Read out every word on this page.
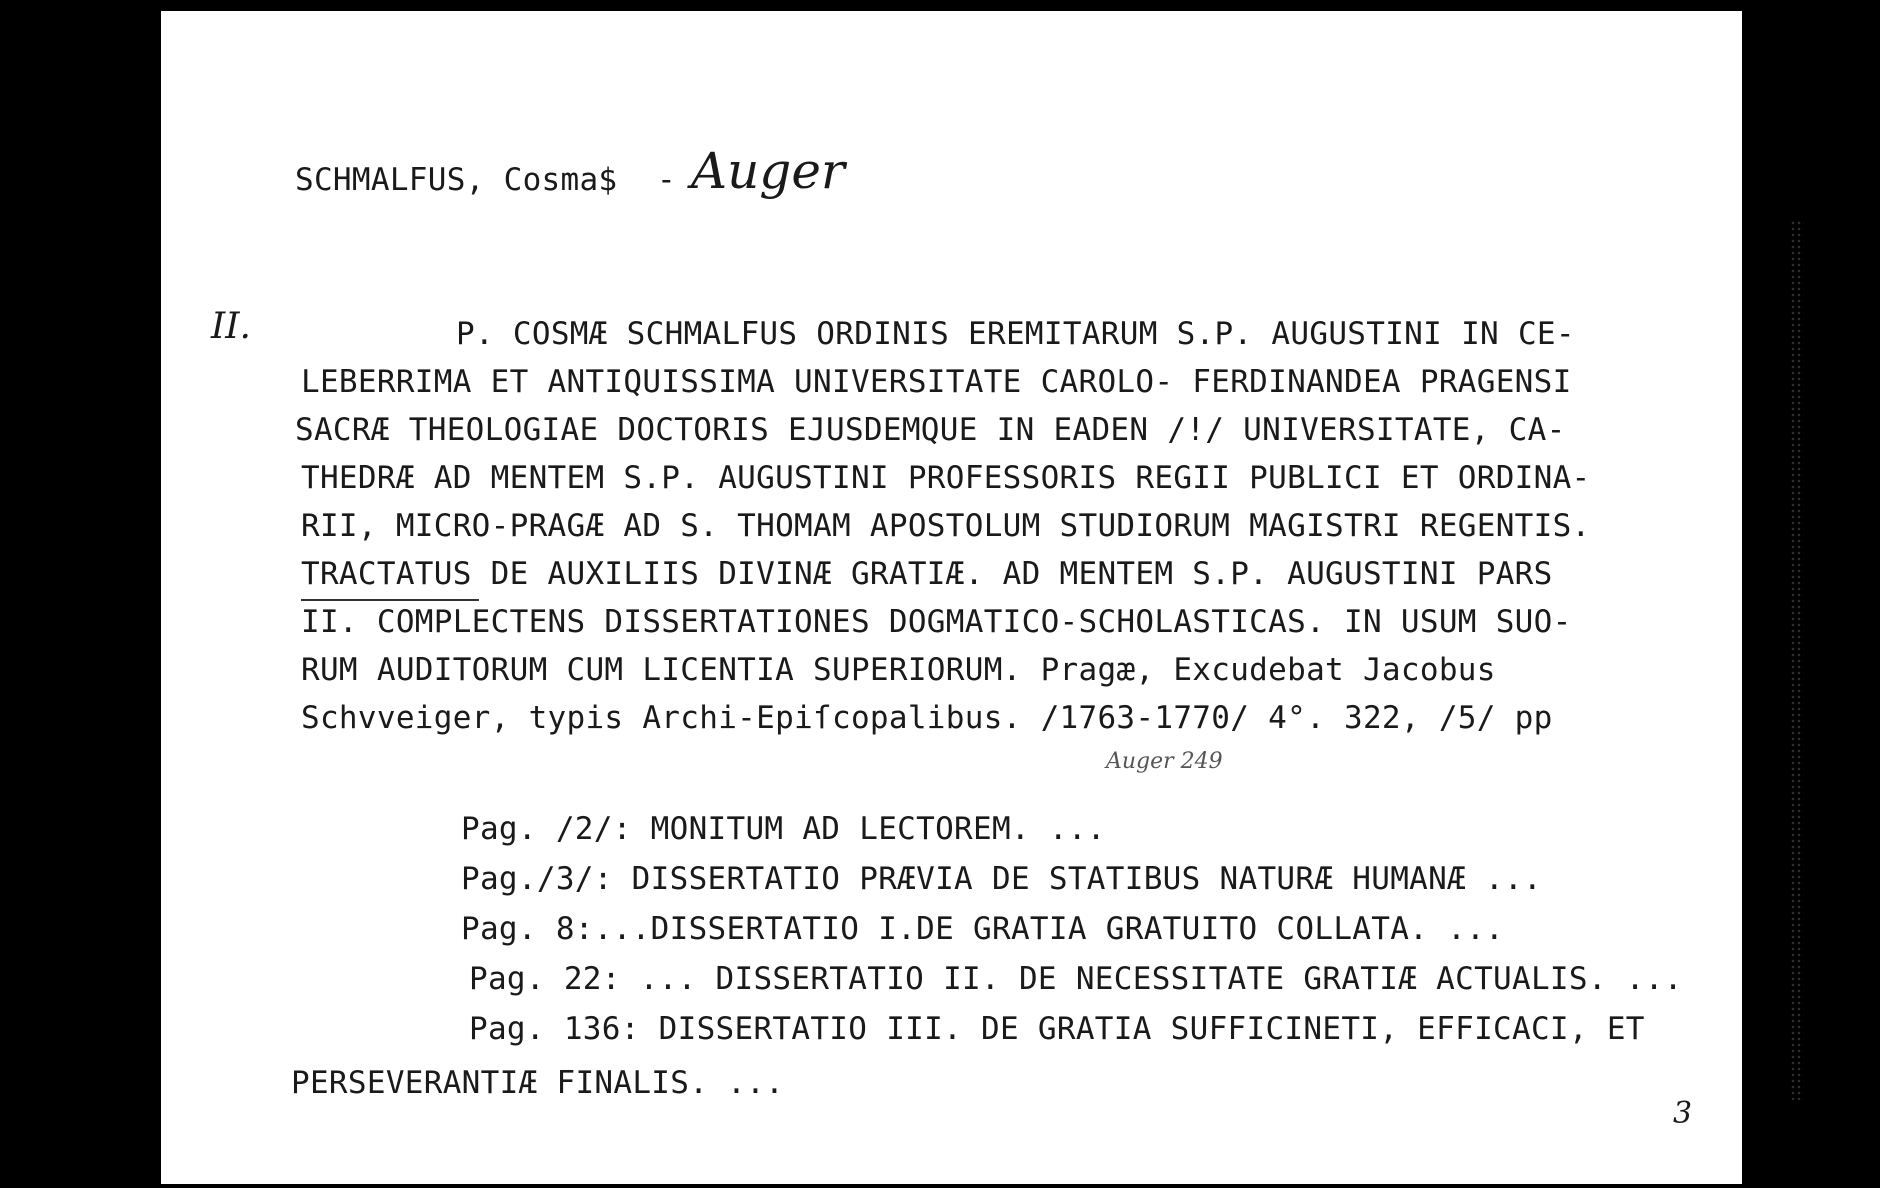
SCHMALFUS, Cosma$ - Auger

II.	P. COSMÆ SCHMALFUS ORDINIS EREMITARUM S.P. AUGUSTINI IN CE-

LEBERRIMA ET ANTIQUISSIMA UNIVERSITATE CAROLO- FERDINANDEA PRAGENSI

SACRÆ THEOLOGIAE DOCTORIS EJUSDEMQUE IN EADEN /!/ UNIVERSITATE, CA-

THEDRÆ AD MENTEM S.P. AUGUSTINI PROFESSORIS REGII PUBLICI ET ORDINA-

RII, MICRO-PRAGÆ AD S. THOMAM APOSTOLUM STUDIORUM MAGISTRI REGENTIS.

TRACTATUS DE AUXILIIS DIVINÆ GRATIÆ. AD MENTEM S.P. AUGUSTINI PARS

II. COMPLECTENS DISSERTATIONES DOGMATICO-SCHOLASTICAS. IN USUM SUO-

RUM AUDITORUM CUM LICENTIA SUPERIORUM. Pragæ, Excudebat Jacobus

Schvveiger, typis Archi-Epiſcopalibus. /1763-1770/ 4°. 322, /5/ pp

Auger 249

Pag. /2/: MONITUM AD LECTOREM. ...

Pag./3/: DISSERTATIO PRÆVIA DE STATIBUS NATURÆ HUMANÆ ...

Pag. 8:...DISSERTATIO I.DE GRATIA GRATUITO COLLATA. ...

Pag. 22: ... DISSERTATIO II. DE NECESSITATE GRATIÆ ACTUALIS. ...

Pag. 136: DISSERTATIO III. DE GRATIA SUFFICINETI, EFFICACI, ET

PERSEVERANTIÆ FINALIS. ...

3
